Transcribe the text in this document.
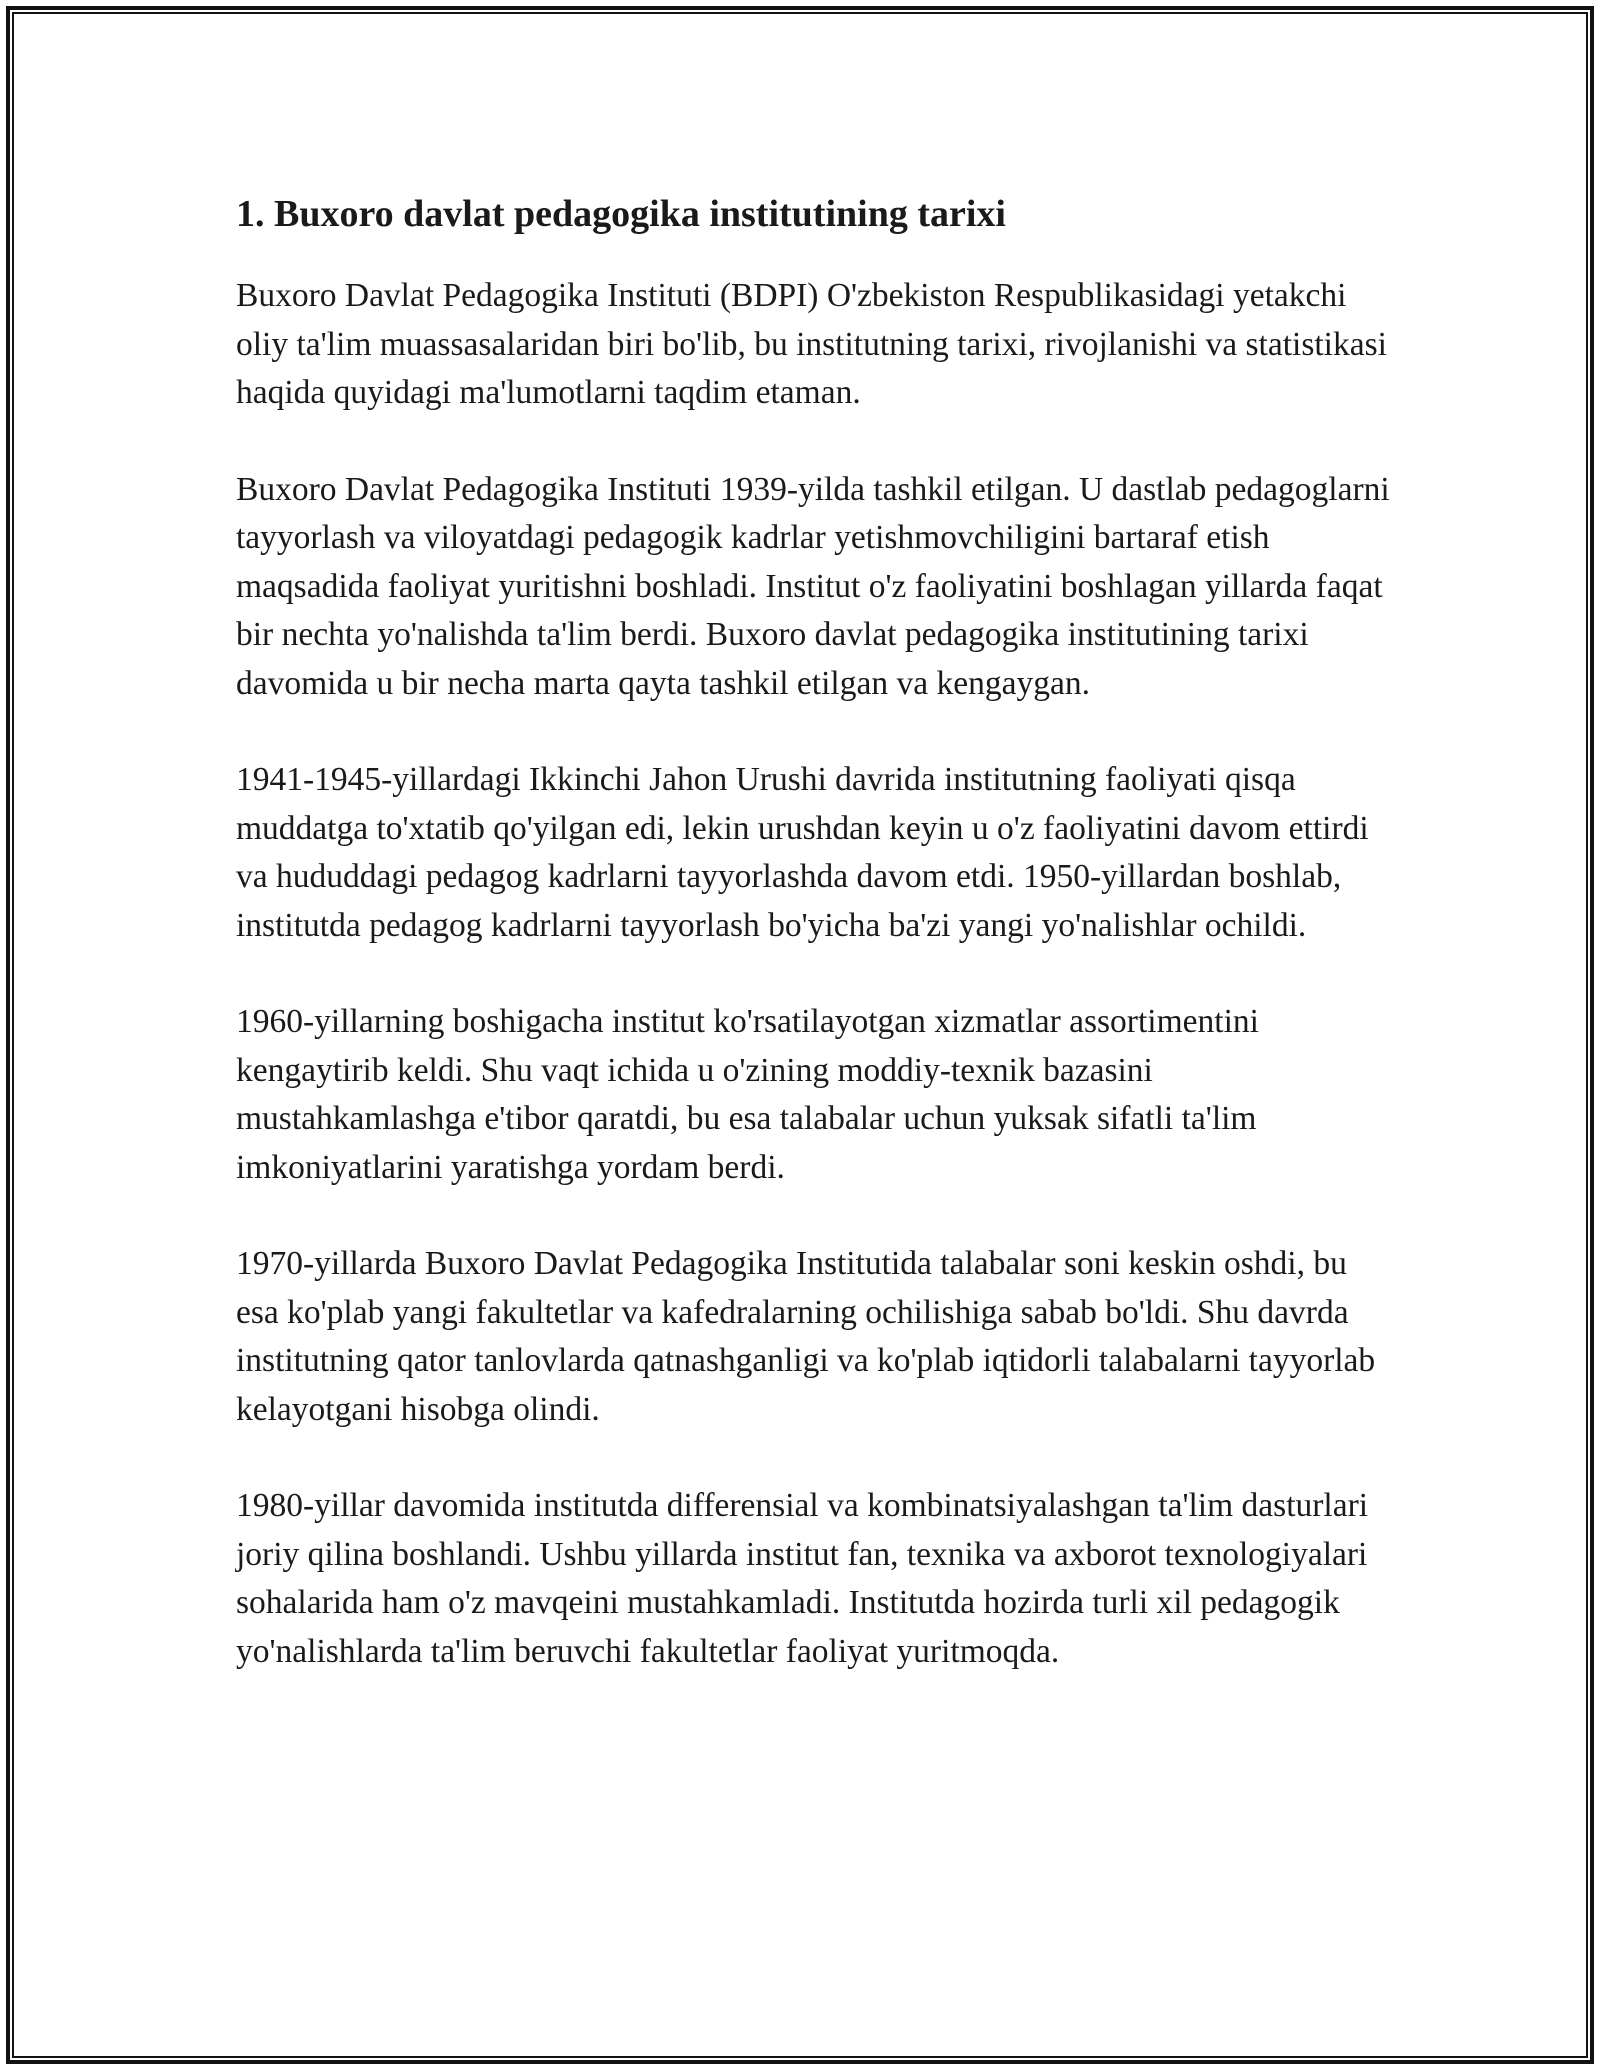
1. Buxoro davlat pedagogika institutining tarixi

Buxoro Davlat Pedagogika Instituti (BDPI) O'zbekiston Respublikasidagi yetakchi oliy ta'lim muassasalaridan biri bo'lib, bu institutning tarixi, rivojlanishi va statistikasi haqida quyidagi ma'lumotlarni taqdim etaman.

Buxoro Davlat Pedagogika Instituti 1939-yilda tashkil etilgan. U dastlab pedagoglarni tayyorlash va viloyatdagi pedagogik kadrlar yetishmovchiligini bartaraf etish maqsadida faoliyat yuritishni boshladi. Institut o'z faoliyatini boshlagan yillarda faqat bir nechta yo'nalishda ta'lim berdi. Buxoro davlat pedagogika institutining tarixi davomida u bir necha marta qayta tashkil etilgan va kengaygan.

1941-1945-yillardagi Ikkinchi Jahon Urushi davrida institutning faoliyati qisqa muddatga to'xtatib qo'yilgan edi, lekin urushdan keyin u o'z faoliyatini davom ettirdi va hududdagi pedagog kadrlarni tayyorlashda davom etdi. 1950-yillardan boshlab, institutda pedagog kadrlarni tayyorlash bo'yicha ba'zi yangi yo'nalishlar ochildi.

1960-yillarning boshigacha institut ko'rsatilayotgan xizmatlar assortimentini kengaytirib keldi. Shu vaqt ichida u o'zining moddiy-texnik bazasini mustahkamlashga e'tibor qaratdi, bu esa talabalar uchun yuksak sifatli ta'lim imkoniyatlarini yaratishga yordam berdi.

1970-yillarda Buxoro Davlat Pedagogika Institutida talabalar soni keskin oshdi, bu esa ko'plab yangi fakultetlar va kafedralarning ochilishiga sabab bo'ldi. Shu davrda institutning qator tanlovlarda qatnashganligi va ko'plab iqtidorli talabalarni tayyorlab kelayotgani hisobga olindi.

1980-yillar davomida institutda differensial va kombinatsiyalashgan ta'lim dasturlari joriy qilina boshlandi. Ushbu yillarda institut fan, texnika va axborot texnologiyalari sohalarida ham o'z mavqeini mustahkamladi. Institutda hozirda turli xil pedagogik yo'nalishlarda ta'lim beruvchi fakultetlar faoliyat yuritmoqda.
